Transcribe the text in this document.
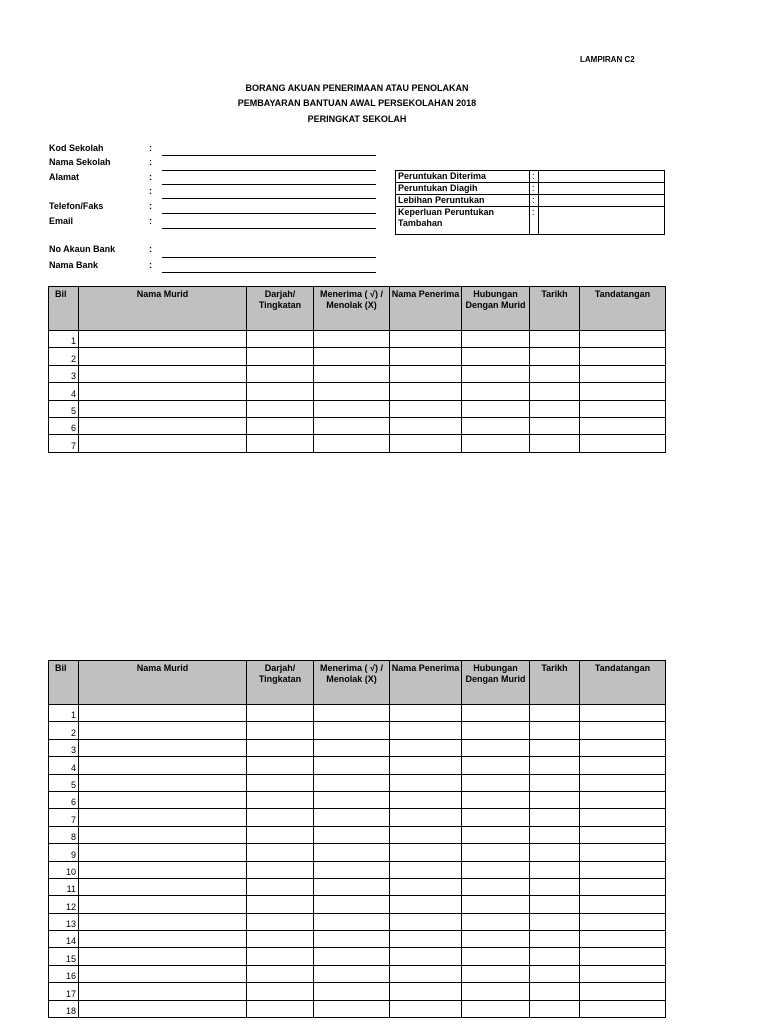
LAMPIRAN C2
BORANG AKUAN PENERIMAAN ATAU PENOLAKAN
PEMBAYARAN BANTUAN AWAL PERSEKOLAHAN 2018
PERINGKAT SEKOLAH
Kod Sekolah	:
Nama Sekolah	:
Alamat	:
:
Telefon/Faks	:
Email	:
No Akaun Bank	:
Nama Bank	:
Peruntukan Diterima	:	
Peruntukan Diagih	:	
Lebihan Peruntukan	:	
Keperluan Peruntukan Tambahan	:	
Bil	Nama Murid	Darjah/ Tingkatan	Menerima ( √) / Menolak (X)	Nama Penerima	Hubungan Dengan Murid	Tarikh	Tandatangan
1							
2							
3							
4							
5							
6							
7							
Bil	Nama Murid	Darjah/ Tingkatan	Menerima ( √) / Menolak (X)	Nama Penerima	Hubungan Dengan Murid	Tarikh	Tandatangan
1							
2							
3							
4							
5							
6							
7							
8							
9							
10							
11							
12							
13							
14							
15							
16							
17							
18							
